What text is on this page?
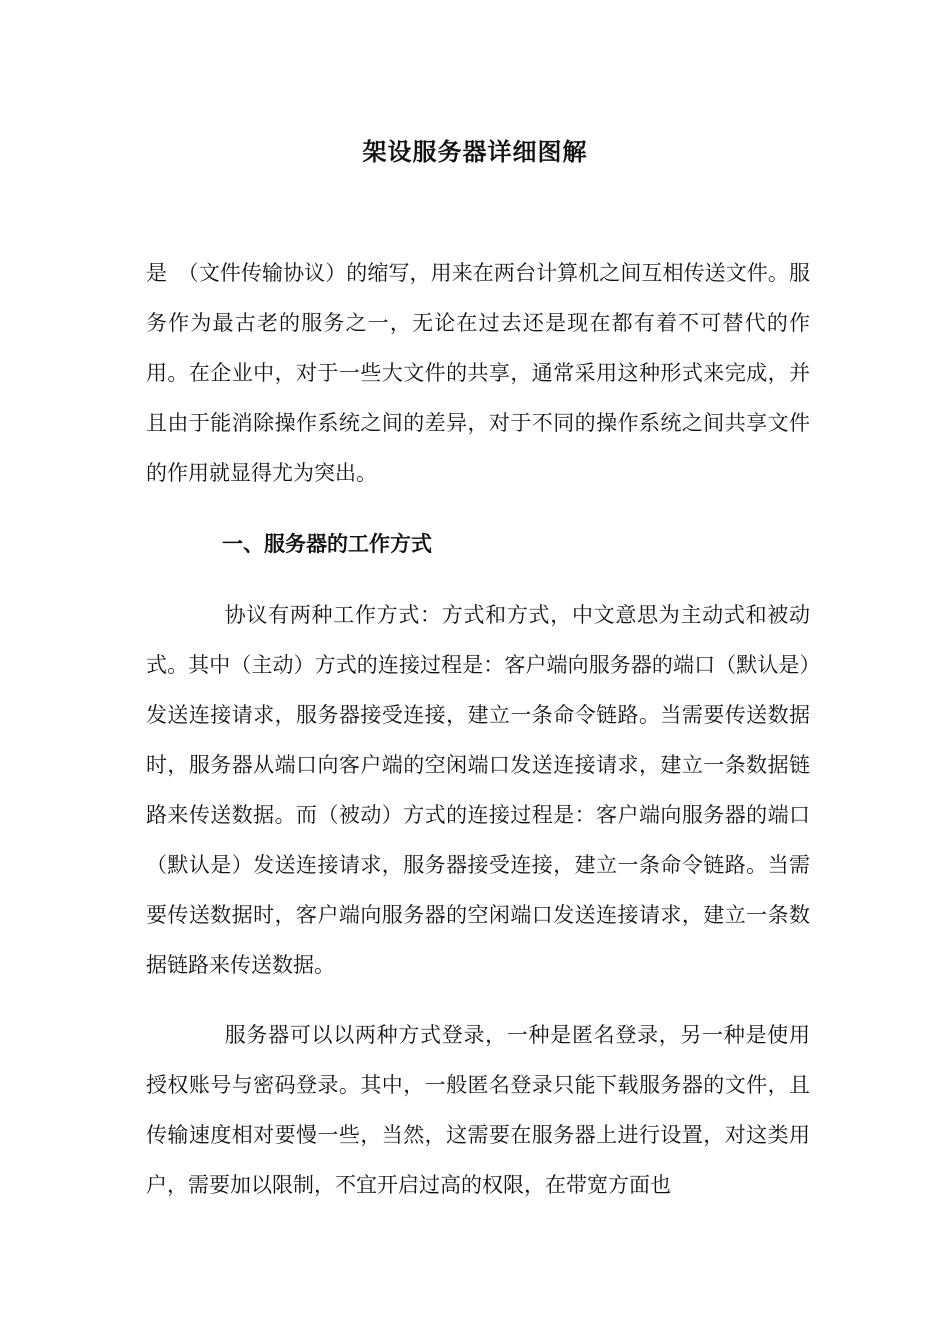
架设服务器详细图解

是　（文件传输协议）的缩写，用来在两台计算机之间互相传送文件。服务作为最古老的服务之一，无论在过去还是现在都有着不可替代的作用。在企业中，对于一些大文件的共享，通常采用这种形式来完成，并且由于能消除操作系统之间的差异，对于不同的操作系统之间共享文件的作用就显得尤为突出。

一、服务器的工作方式

协议有两种工作方式：方式和方式，中文意思为主动式和被动式。其中（主动）方式的连接过程是：客户端向服务器的端口（默认是）发送连接请求，服务器接受连接，建立一条命令链路。当需要传送数据时，服务器从端口向客户端的空闲端口发送连接请求，建立一条数据链路来传送数据。而（被动）方式的连接过程是：客户端向服务器的端口（默认是）发送连接请求，服务器接受连接，建立一条命令链路。当需要传送数据时，客户端向服务器的空闲端口发送连接请求，建立一条数据链路来传送数据。

服务器可以以两种方式登录，一种是匿名登录，另一种是使用授权账号与密码登录。其中，一般匿名登录只能下载服务器的文件，且传输速度相对要慢一些，当然，这需要在服务器上进行设置，对这类用户，需要加以限制，不宜开启过高的权限，在带宽方面也
